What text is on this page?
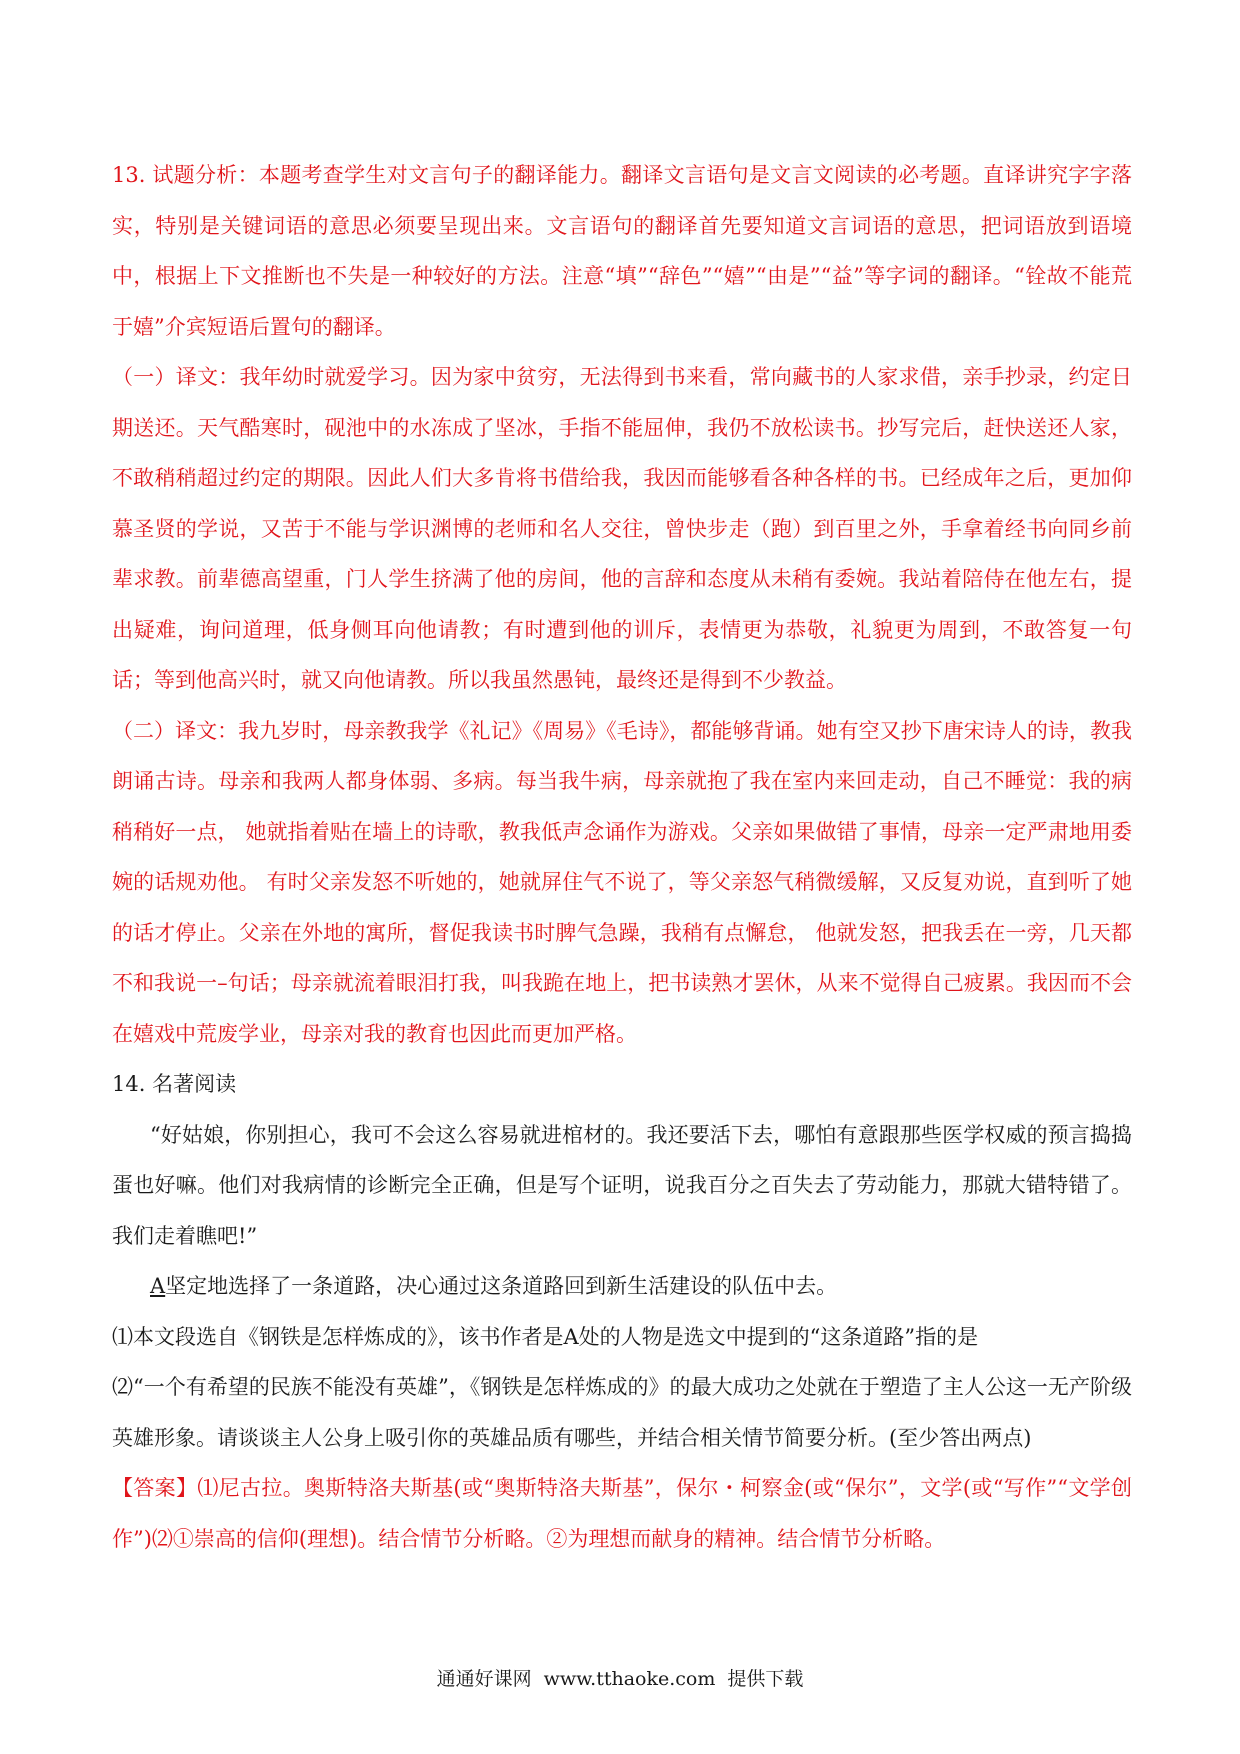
13. 试题分析：本题考查学生对文言句子的翻译能力。翻译文言语句是文言文阅读的必考题。直译讲究字字落实，特别是关键词语的意思必须要呈现出来。文言语句的翻译首先要知道文言词语的意思，把词语放到语境中，根据上下文推断也不失是一种较好的方法。注意“填”“辞色”“嬉”“由是”“益”等字词的翻译。“铨故不能荒于嬉”介宾短语后置句的翻译。

（一）译文：我年幼时就爱学习。因为家中贫穷，无法得到书来看，常向藏书的人家求借，亲手抄录，约定日期送还。天气酷寒时，砚池中的水冻成了坚冰，手指不能屈伸，我仍不放松读书。抄写完后，赶快送还人家，不敢稍稍超过约定的期限。因此人们大多肯将书借给我，我因而能够看各种各样的书。已经成年之后，更加仰慕圣贤的学说，又苦于不能与学识渊博的老师和名人交往，曾快步走（跑）到百里之外，手拿着经书向同乡前辈求教。前辈德高望重，门人学生挤满了他的房间，他的言辞和态度从未稍有委婉。我站着陪侍在他左右，提出疑难，询问道理，低身侧耳向他请教；有时遭到他的训斥，表情更为恭敬，礼貌更为周到，不敢答复一句话；等到他高兴时，就又向他请教。所以我虽然愚钝，最终还是得到不少教益。

（二）译文：我九岁时，母亲教我学《礼记》《周易》《毛诗》，都能够背诵。她有空又抄下唐宋诗人的诗，教我朗诵古诗。母亲和我两人都身体弱、多病。每当我牛病，母亲就抱了我在室内来回走动，自己不睡觉：我的病稍稍好一点， 她就指着贴在墙上的诗歌，教我低声念诵作为游戏。父亲如果做错了事情，母亲一定严肃地用委婉的话规劝他。 有时父亲发怒不听她的，她就屏住气不说了，等父亲怒气稍微缓解，又反复劝说，直到听了她的话才停止。父亲在外地的寓所，督促我读书时脾气急躁，我稍有点懈怠， 他就发怒，把我丢在一旁，几天都不和我说一–句话；母亲就流着眼泪打我，叫我跪在地上，把书读熟才罢休，从来不觉得自己疲累。我因而不会在嬉戏中荒废学业，母亲对我的教育也因此而更加严格。

14. 名著阅读

“好姑娘，你别担心，我可不会这么容易就进棺材的。我还要活下去，哪怕有意跟那些医学权威的预言捣捣蛋也好嘛。他们对我病情的诊断完全正确，但是写个证明，说我百分之百失去了劳动能力，那就大错特错了。我们走着瞧吧!”

A坚定地选择了一条道路，决心通过这条道路回到新生活建设的队伍中去。

⑴本文段选自《钢铁是怎样炼成的》，该书作者是A处的人物是选文中提到的“这条道路”指的是

⑵“一个有希望的民族不能没有英雄”，《钢铁是怎样炼成的》的最大成功之处就在于塑造了主人公这一无产阶级英雄形象。请谈谈主人公身上吸引你的英雄品质有哪些，并结合相关情节简要分析。(至少答出两点)

【答案】⑴尼古拉。奥斯特洛夫斯基(或“奥斯特洛夫斯基”，保尔・柯察金(或“保尔”，文学(或“写作”“文学创作”)⑵①崇高的信仰(理想)。结合情节分析略。②为理想而献身的精神。结合情节分析略。

通通好课网 www.tthaoke.com 提供下载
